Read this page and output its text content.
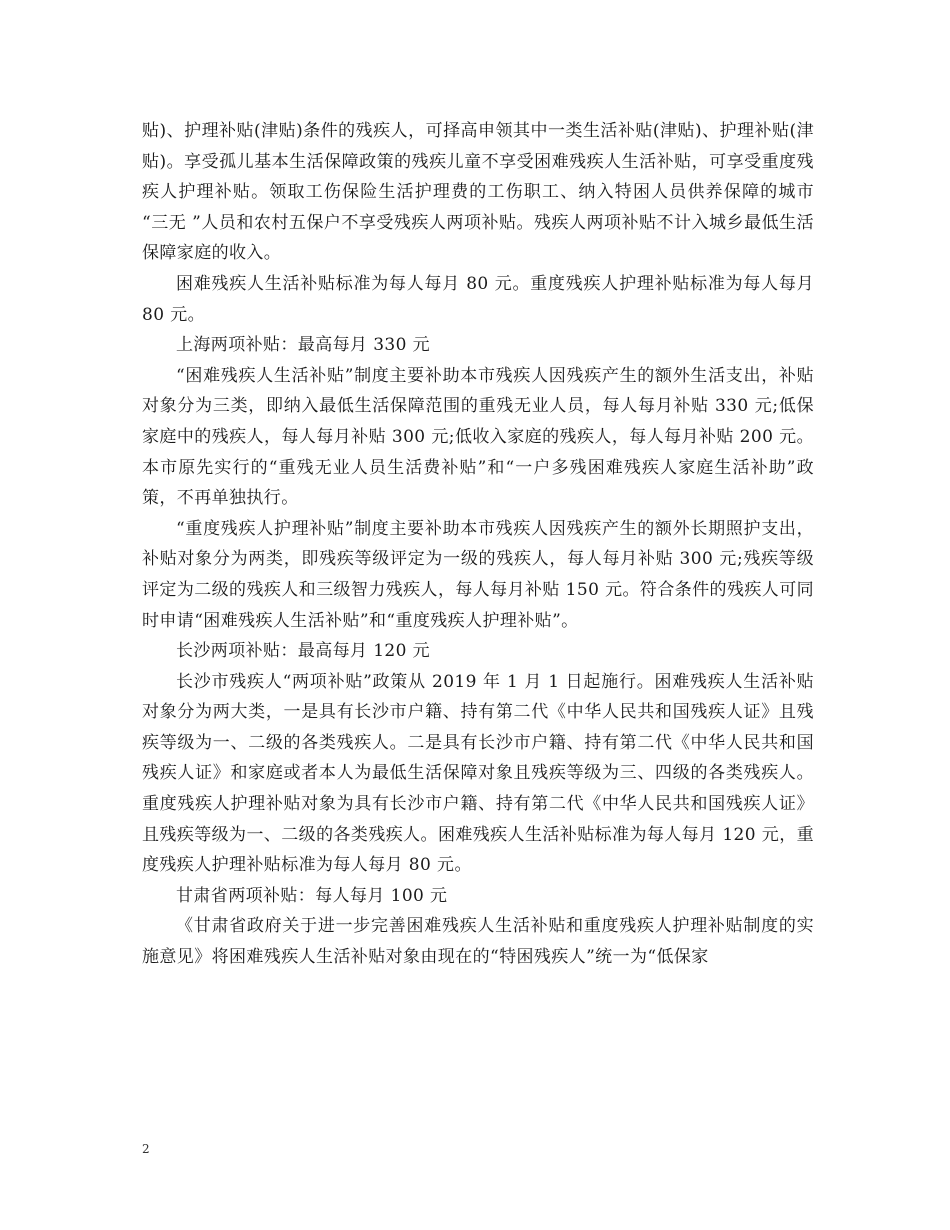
贴)、护理补贴(津贴)条件的残疾人，可择高申领其中一类生活补贴(津贴)、护理补贴(津贴)。享受孤儿基本生活保障政策的残疾儿童不享受困难残疾人生活补贴，可享受重度残疾人护理补贴。领取工伤保险生活护理费的工伤职工、纳入特困人员供养保障的城市 “三无 ”人员和农村五保户不享受残疾人两项补贴。残疾人两项补贴不计入城乡最低生活保障家庭的收入。

困难残疾人生活补贴标准为每人每月 80 元。重度残疾人护理补贴标准为每人每月 80 元。

上海两项补贴：最高每月 330 元

“困难残疾人生活补贴”制度主要补助本市残疾人因残疾产生的额外生活支出，补贴对象分为三类，即纳入最低生活保障范围的重残无业人员，每人每月补贴 330 元;低保家庭中的残疾人，每人每月补贴 300 元;低收入家庭的残疾人，每人每月补贴 200 元。本市原先实行的“重残无业人员生活费补贴”和“一户多残困难残疾人家庭生活补助”政策，不再单独执行。

“重度残疾人护理补贴”制度主要补助本市残疾人因残疾产生的额外长期照护支出，补贴对象分为两类，即残疾等级评定为一级的残疾人，每人每月补贴 300 元;残疾等级评定为二级的残疾人和三级智力残疾人，每人每月补贴 150 元。符合条件的残疾人可同时申请“困难残疾人生活补贴”和“重度残疾人护理补贴”。

长沙两项补贴：最高每月 120 元

长沙市残疾人“两项补贴”政策从 2019 年 1 月 1 日起施行。困难残疾人生活补贴对象分为两大类，一是具有长沙市户籍、持有第二代《中华人民共和国残疾人证》且残疾等级为一、二级的各类残疾人。二是具有长沙市户籍、持有第二代《中华人民共和国残疾人证》和家庭或者本人为最低生活保障对象且残疾等级为三、四级的各类残疾人。重度残疾人护理补贴对象为具有长沙市户籍、持有第二代《中华人民共和国残疾人证》且残疾等级为一、二级的各类残疾人。困难残疾人生活补贴标准为每人每月 120 元，重度残疾人护理补贴标准为每人每月 80 元。

甘肃省两项补贴：每人每月 100 元

《甘肃省政府关于进一步完善困难残疾人生活补贴和重度残疾人护理补贴制度的实施意见》将困难残疾人生活补贴对象由现在的“特困残疾人”统一为“低保家

2
